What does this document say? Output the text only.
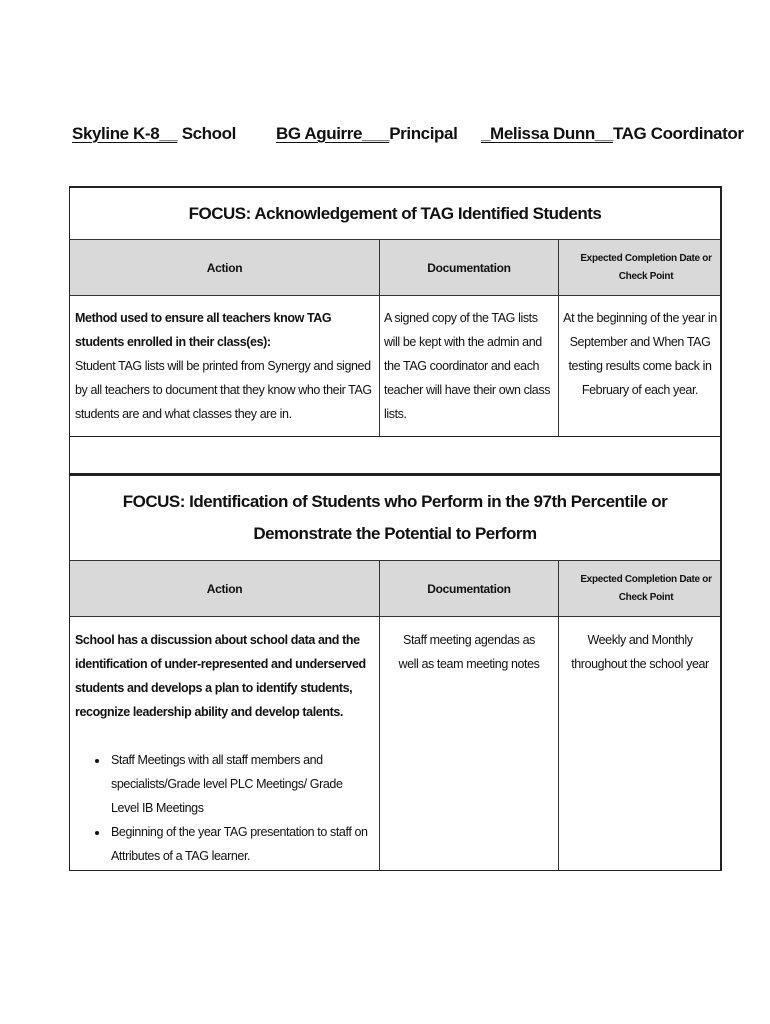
Skyline K-8__ School BG Aguirre___Principal _Melissa Dunn__TAG Coordinator
FOCUS: Acknowledgement of TAG Identified Students
Action	Documentation
Expected Completion Date or Check Point
Method used to ensure all teachers know TAG students enrolled in their class(es):
Student TAG lists will be printed from Synergy and signed by all teachers to document that they know who their TAG students are and what classes they are in.
A signed copy of the TAG lists will be kept with the admin and the TAG coordinator and each teacher will have their own class lists.
At the beginning of the year in September and When TAG testing results come back in February of each year.
FOCUS: Identification of Students who Perform in the 97th Percentile or Demonstrate the Potential to Perform
Action	Documentation
Expected Completion Date or Check Point
School has a discussion about school data and the identification of under-represented and underserved students and develops a plan to identify students, recognize leadership ability and develop talents.
• Staff Meetings with all staff members and specialists/Grade level PLC Meetings/ Grade Level IB Meetings
• Beginning of the year TAG presentation to staff on Attributes of a TAG learner.
Staff meeting agendas as well as team meeting notes
Weekly and Monthly throughout the school year
